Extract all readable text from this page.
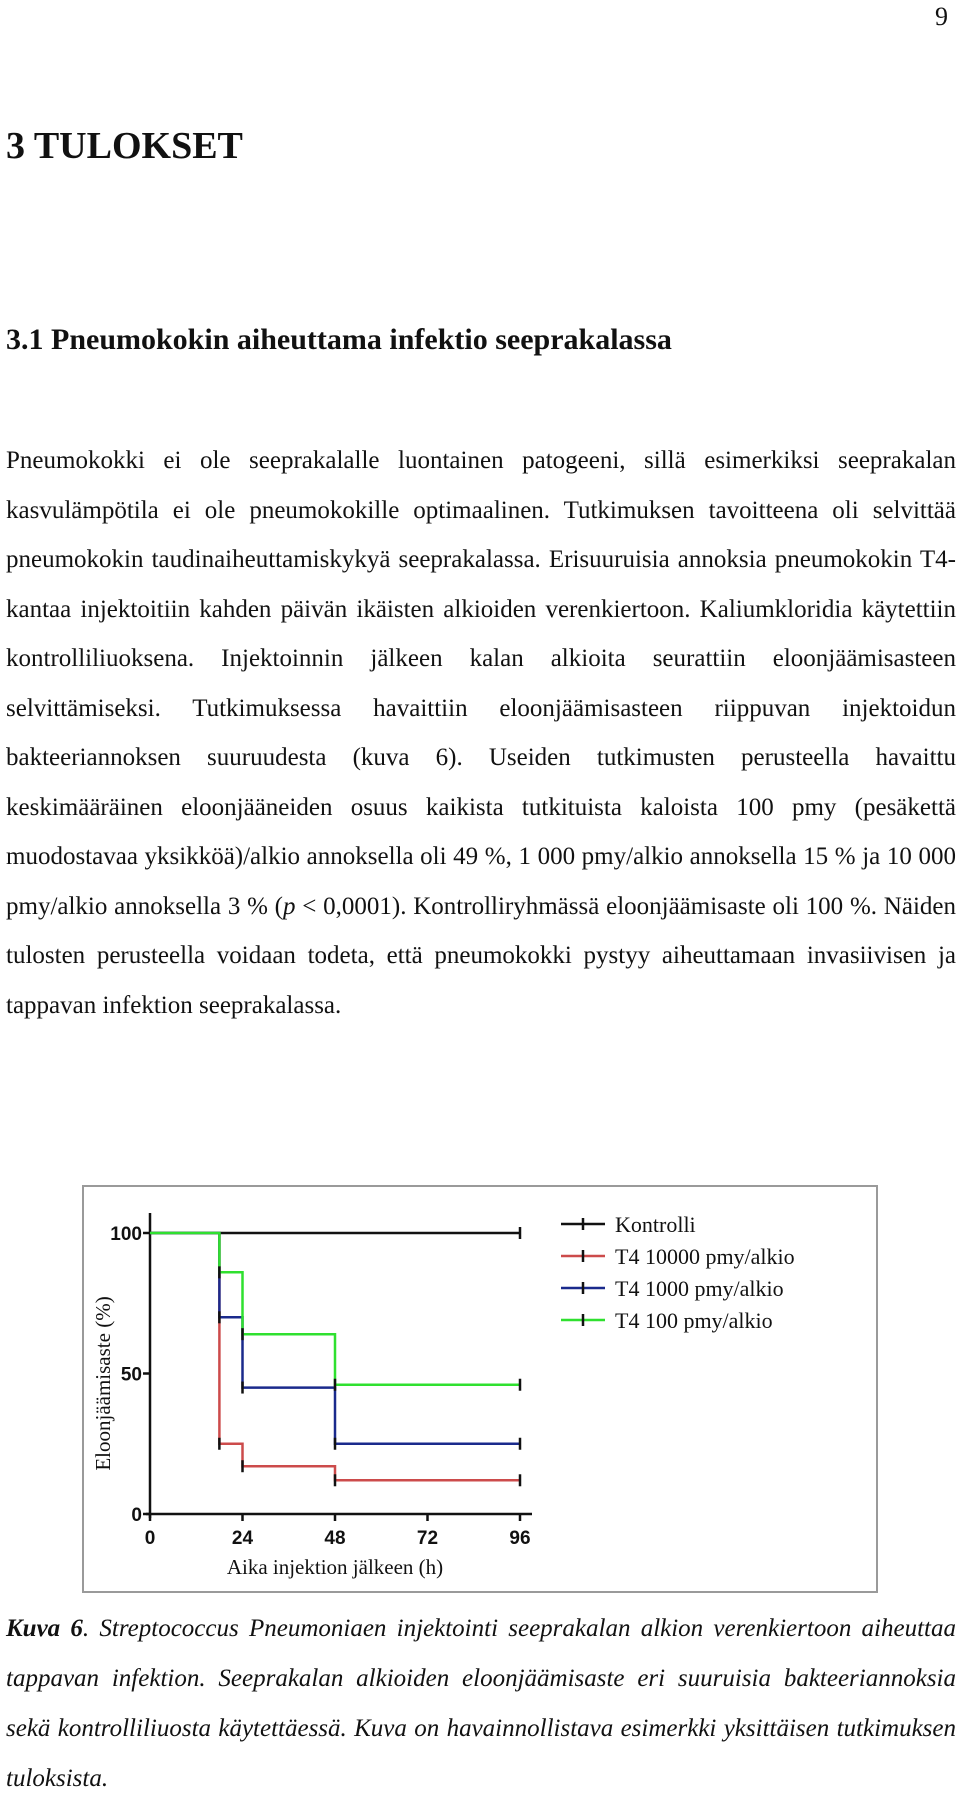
9
3 TULOKSET
3.1 Pneumokokin aiheuttama infektio seeprakalassa

Pneumokokki ei ole seeprakalalle luontainen patogeeni, sillä esimerkiksi seeprakalan kasvulämpötila ei ole pneumokokille optimaalinen. Tutkimuksen tavoitteena oli selvittää pneumokokin taudinaiheuttamiskykyä seeprakalassa. Erisuuruisia annoksia pneumokokin T4-kantaa injektoitiin kahden päivän ikäisten alkioiden verenkiertoon. Kaliumkloridia käytettiin kontrolliliuoksena. Injektoinnin jälkeen kalan alkioita seurattiin eloonjäämisasteen selvittämiseksi. Tutkimuksessa havaittiin eloonjäämisasteen riippuvan injektoidun bakteeriannoksen suuruudesta (kuva 6). Useiden tutkimusten perusteella havaittu keskimääräinen eloonjääneiden osuus kaikista tutkituista kaloista 100 pmy (pesäkettä muodostavaa yksikköä)/alkio annoksella oli 49 %, 1 000 pmy/alkio annoksella 15 % ja 10 000 pmy/alkio annoksella 3 % (p < 0,0001). Kontrolliryhmässä eloonjäämisaste oli 100 %. Näiden tulosten perusteella voidaan todeta, että pneumokokki pystyy aiheuttamaan invasiivisen ja tappavan infektion seeprakalassa.

0
50
100
0	24	48	72	96
Aika injektion jälkeen (h)
Eloonjäämisaste (%)
Kontrolli
T4 10000 pmy/alkio
T4 1000 pmy/alkio
T4 100 pmy/alkio

Kuva 6. Streptococcus Pneumoniaen injektointi seeprakalan alkion verenkiertoon aiheuttaa tappavan infektion. Seeprakalan alkioiden eloonjäämisaste eri suuruisia bakteeriannoksia sekä kontrolliliuosta käytettäessä. Kuva on havainnollistava esimerkki yksittäisen tutkimuksen tuloksista.
